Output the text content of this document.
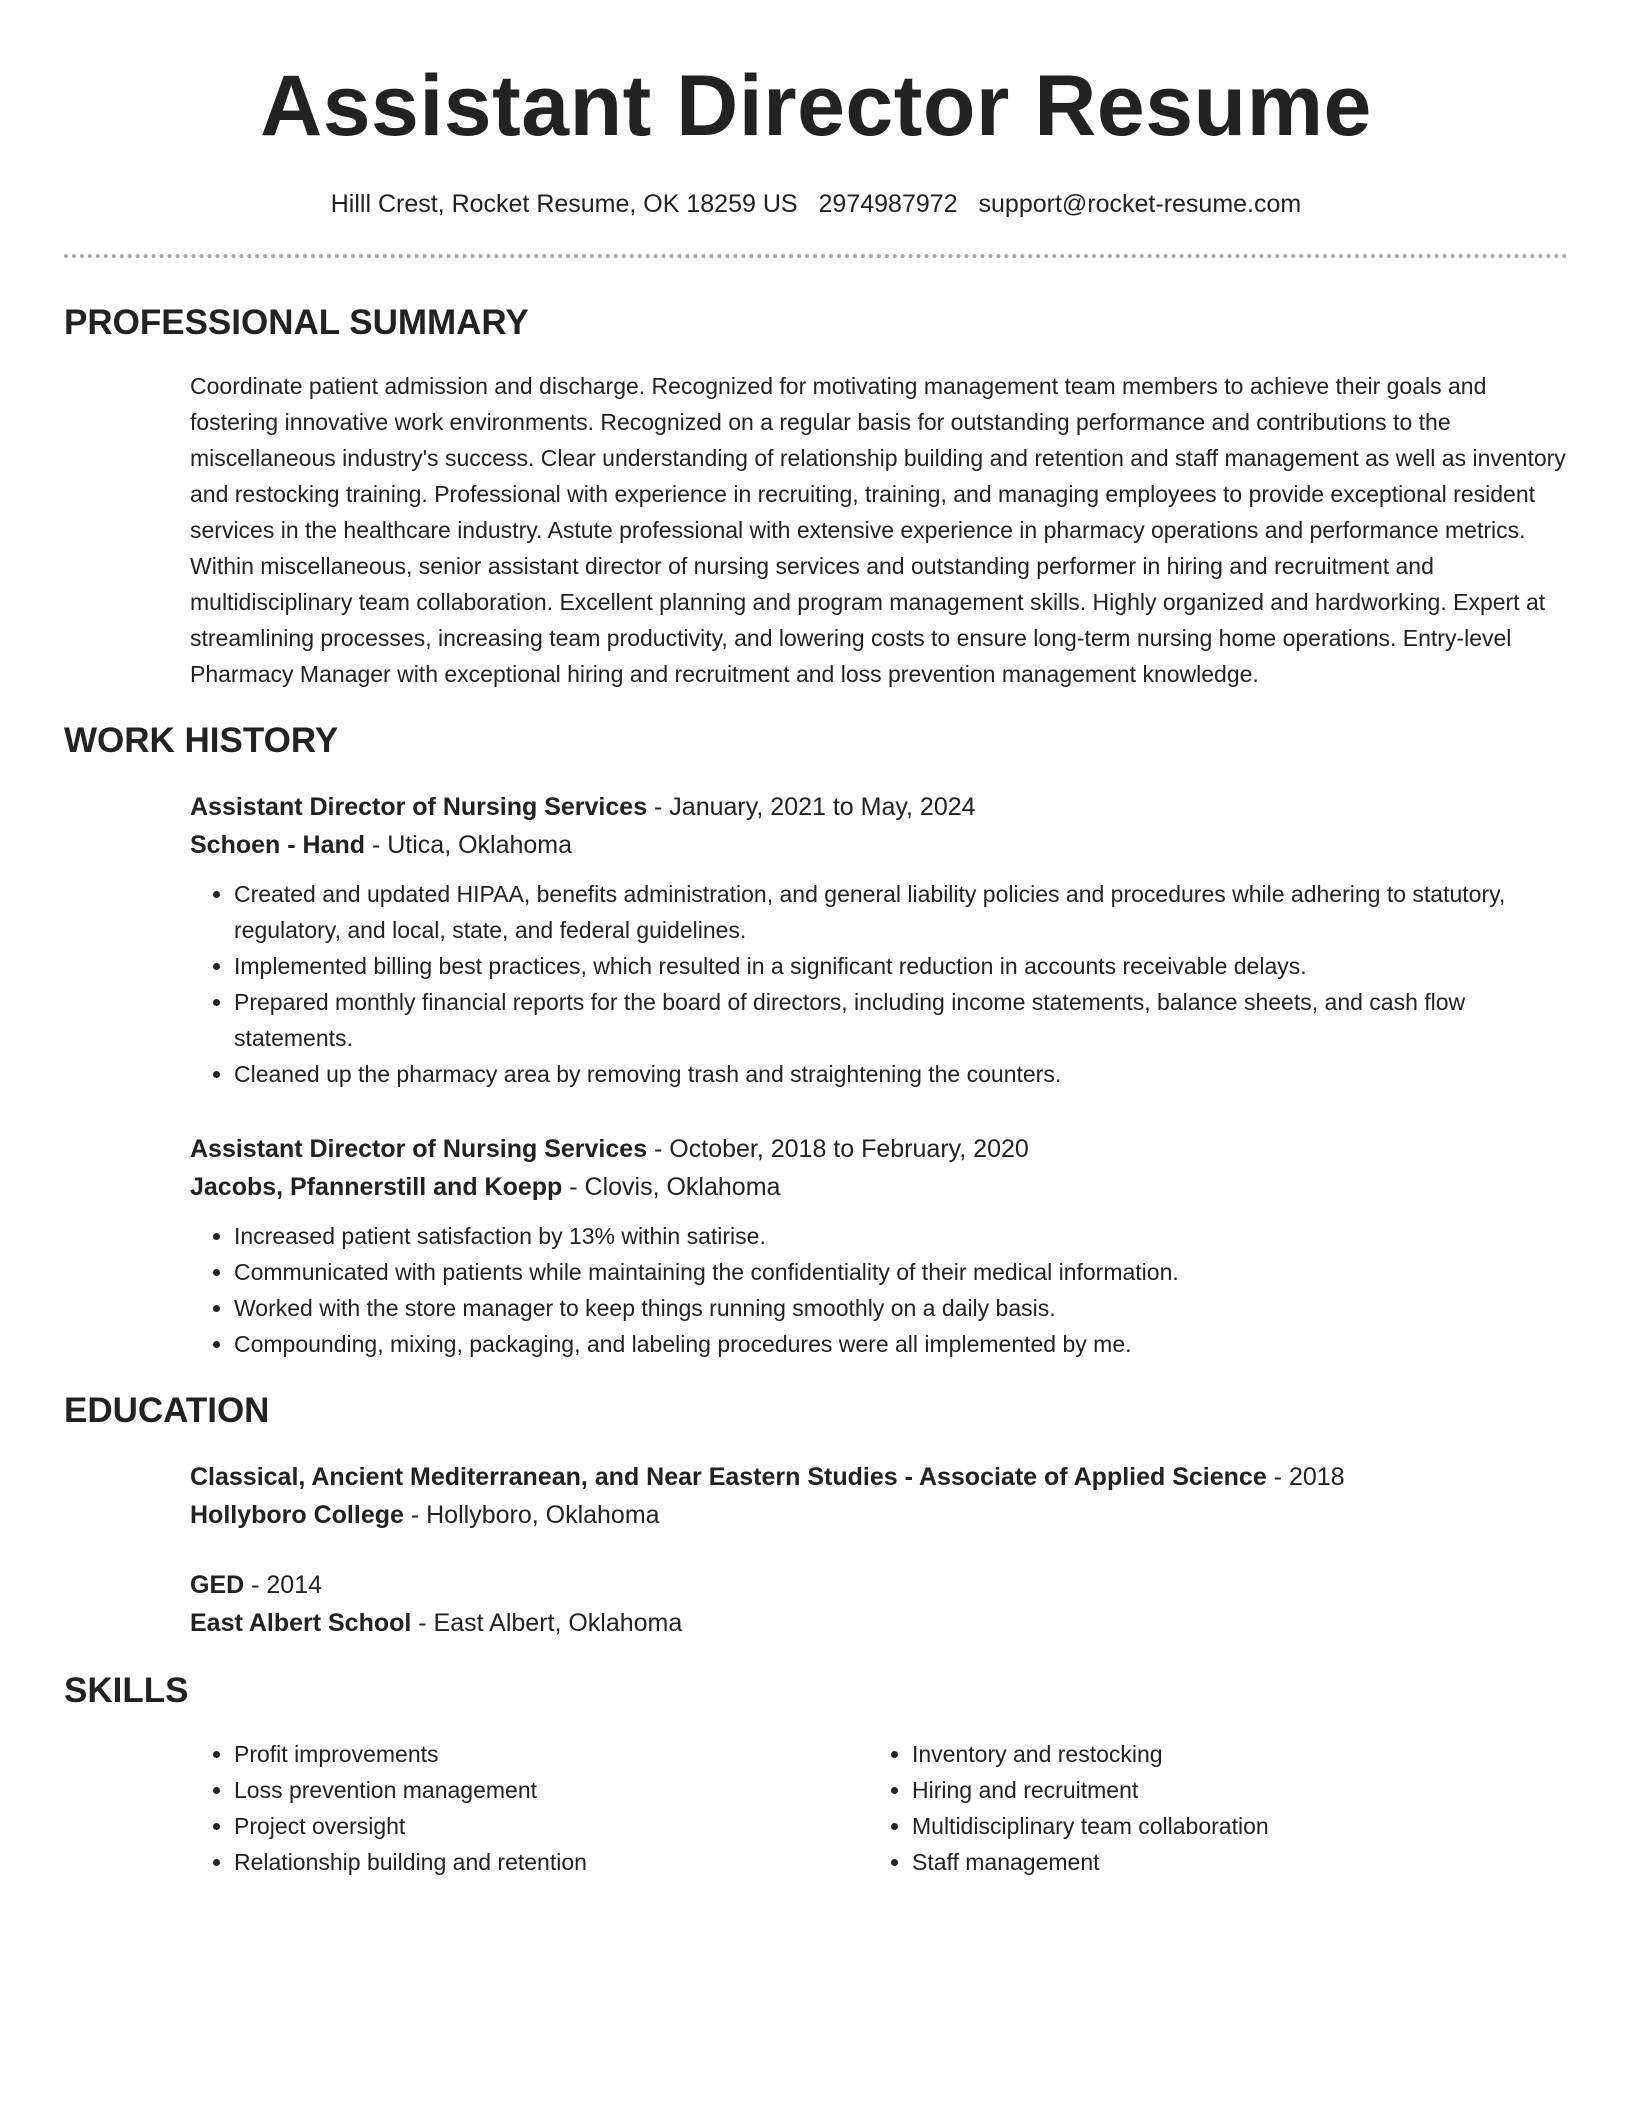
Assistant Director Resume
Hilll Crest, Rocket Resume, OK 18259 US 2974987972 support@rocket-resume.com
PROFESSIONAL SUMMARY
Coordinate patient admission and discharge. Recognized for motivating management team members to achieve their goals and fostering innovative work environments. Recognized on a regular basis for outstanding performance and contributions to the miscellaneous industry's success. Clear understanding of relationship building and retention and staff management as well as inventory and restocking training. Professional with experience in recruiting, training, and managing employees to provide exceptional resident services in the healthcare industry. Astute professional with extensive experience in pharmacy operations and performance metrics. Within miscellaneous, senior assistant director of nursing services and outstanding performer in hiring and recruitment and multidisciplinary team collaboration. Excellent planning and program management skills. Highly organized and hardworking. Expert at streamlining processes, increasing team productivity, and lowering costs to ensure long-term nursing home operations. Entry-level Pharmacy Manager with exceptional hiring and recruitment and loss prevention management knowledge.
WORK HISTORY
Assistant Director of Nursing Services - January, 2021 to May, 2024
Schoen - Hand - Utica, Oklahoma
• Created and updated HIPAA, benefits administration, and general liability policies and procedures while adhering to statutory, regulatory, and local, state, and federal guidelines.
• Implemented billing best practices, which resulted in a significant reduction in accounts receivable delays.
• Prepared monthly financial reports for the board of directors, including income statements, balance sheets, and cash flow statements.
• Cleaned up the pharmacy area by removing trash and straightening the counters.
Assistant Director of Nursing Services - October, 2018 to February, 2020
Jacobs, Pfannerstill and Koepp - Clovis, Oklahoma
• Increased patient satisfaction by 13% within satirise.
• Communicated with patients while maintaining the confidentiality of their medical information.
• Worked with the store manager to keep things running smoothly on a daily basis.
• Compounding, mixing, packaging, and labeling procedures were all implemented by me.
EDUCATION
Classical, Ancient Mediterranean, and Near Eastern Studies - Associate of Applied Science - 2018
Hollyboro College - Hollyboro, Oklahoma
GED - 2014
East Albert School - East Albert, Oklahoma
SKILLS
• Profit improvements
• Loss prevention management
• Project oversight
• Relationship building and retention
• Inventory and restocking
• Hiring and recruitment
• Multidisciplinary team collaboration
• Staff management
